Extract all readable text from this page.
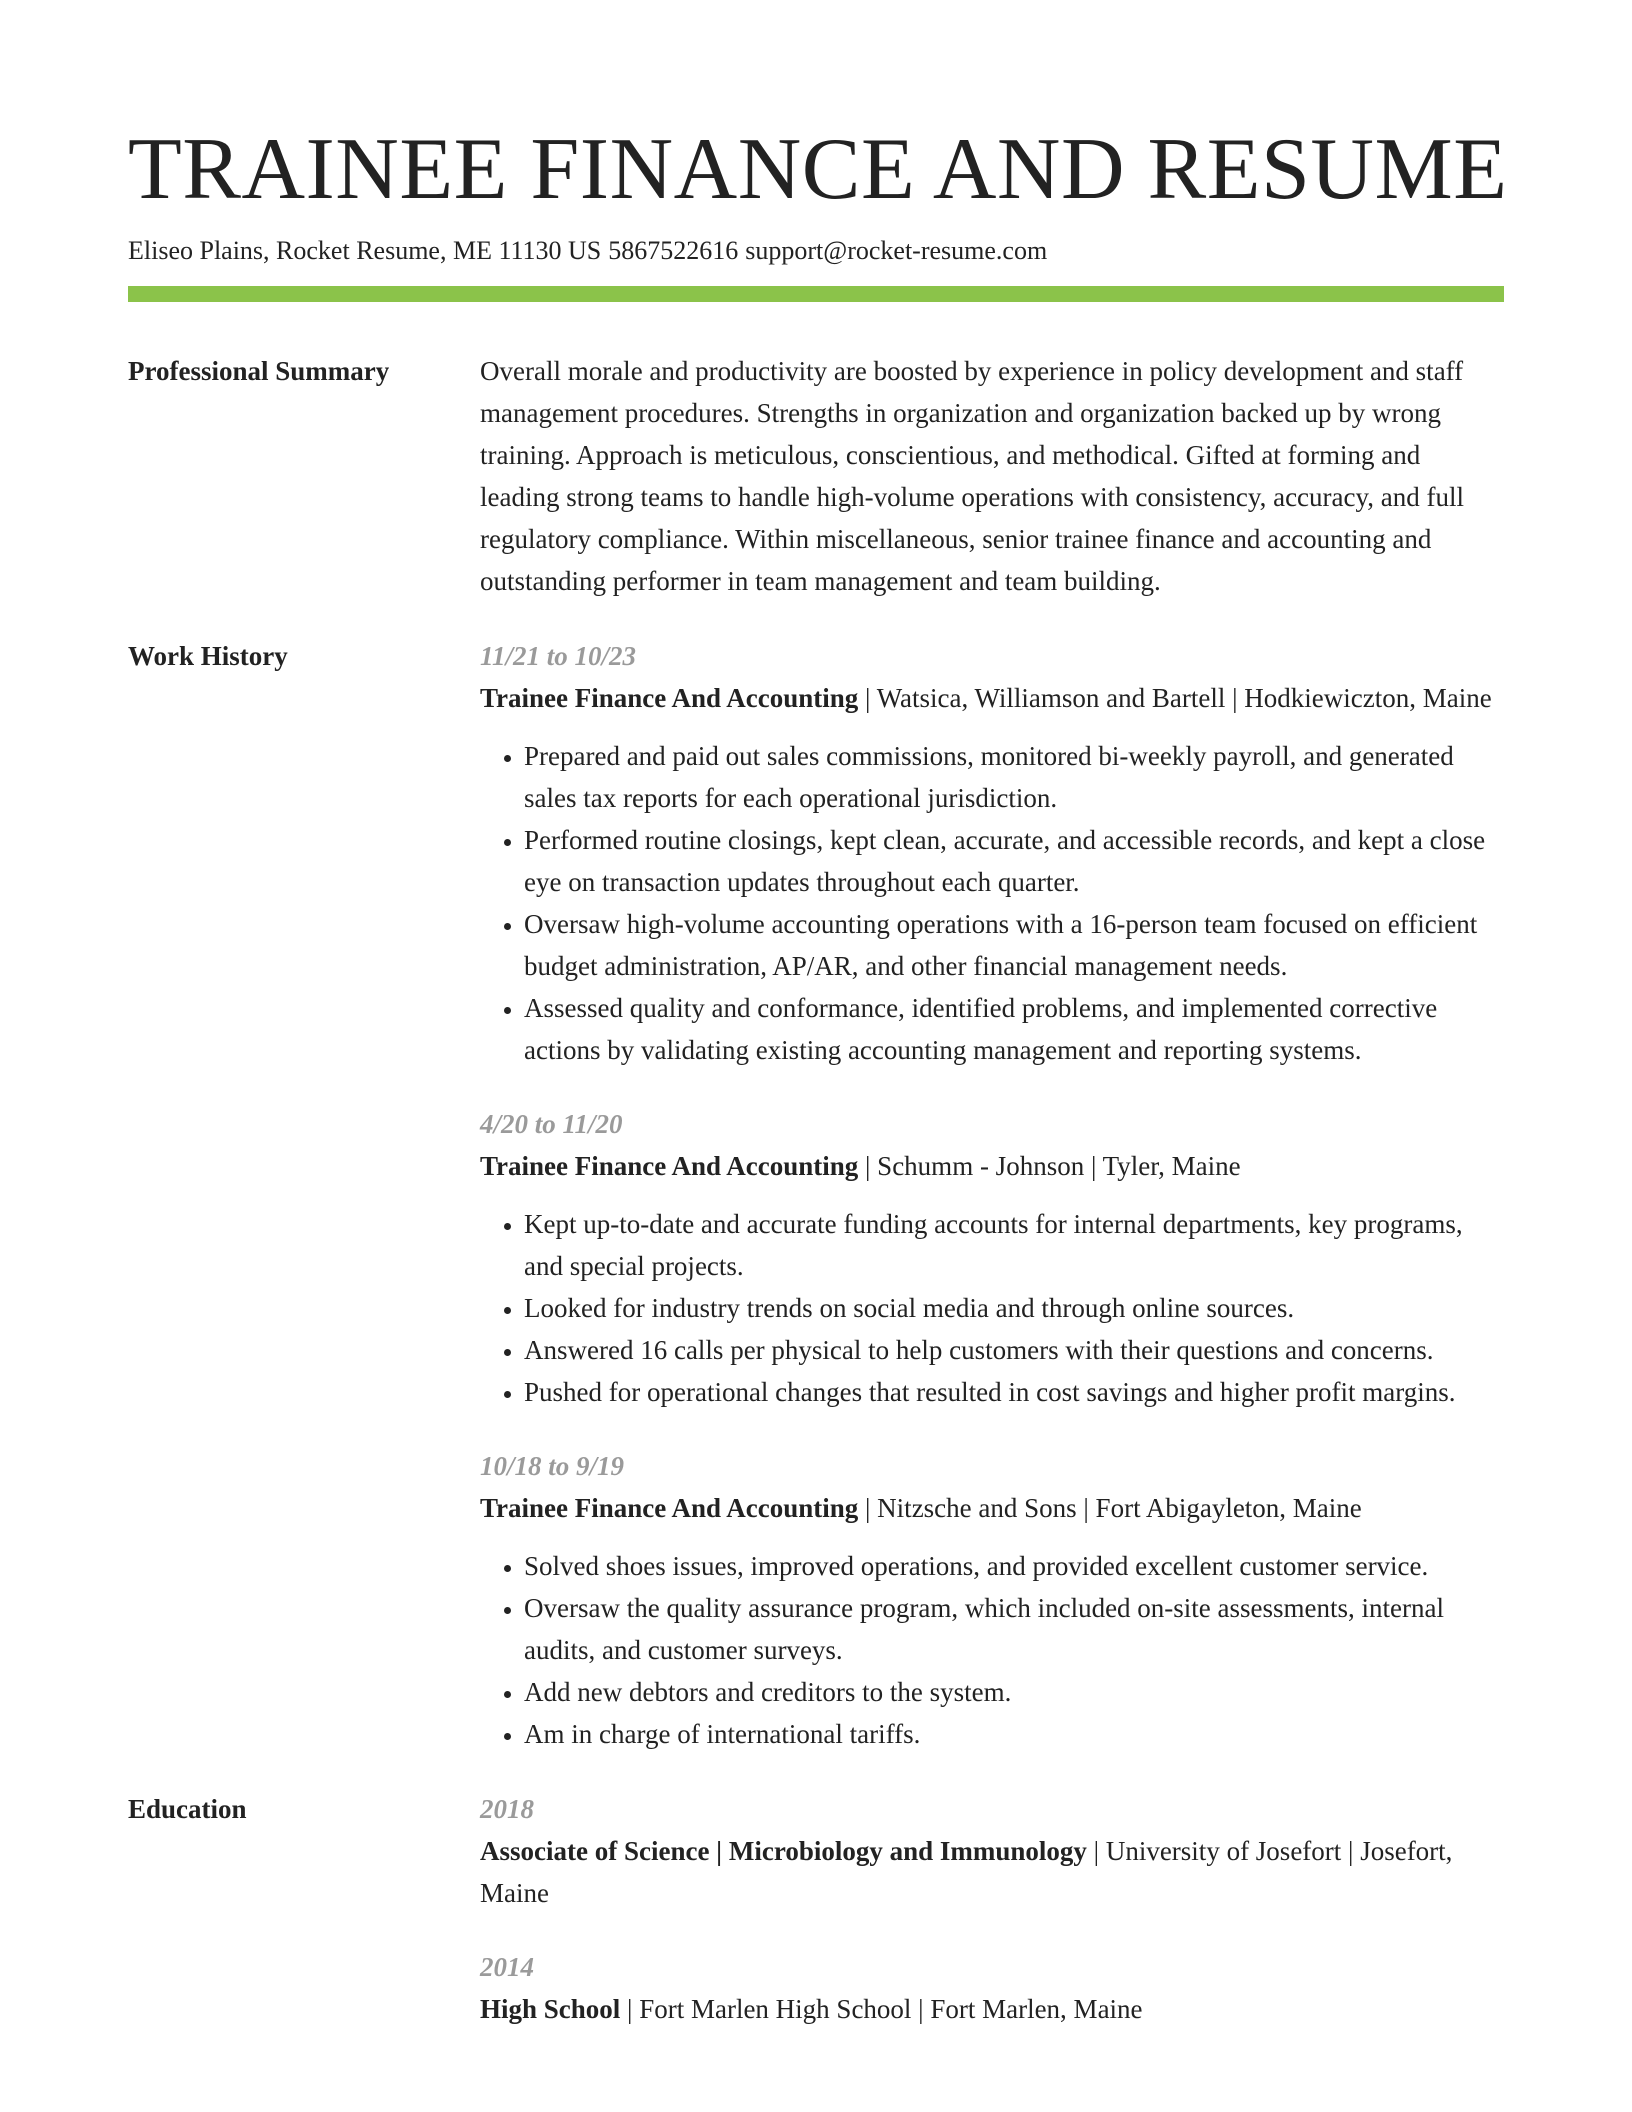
TRAINEE FINANCE AND RESUME
Eliseo Plains, Rocket Resume, ME 11130 US 5867522616 support@rocket-resume.com
Professional Summary	Overall morale and productivity are boosted by experience in policy development and staff management procedures. Strengths in organization and organization backed up by wrong training. Approach is meticulous, conscientious, and methodical. Gifted at forming and leading strong teams to handle high-volume operations with consistency, accuracy, and full regulatory compliance. Within miscellaneous, senior trainee finance and accounting and outstanding performer in team management and team building.

Work History	11/21 to 10/23
Trainee Finance And Accounting | Watsica, Williamson and Bartell | Hodkiewiczton, Maine
• Prepared and paid out sales commissions, monitored bi-weekly payroll, and generated sales tax reports for each operational jurisdiction.
• Performed routine closings, kept clean, accurate, and accessible records, and kept a close eye on transaction updates throughout each quarter.
• Oversaw high-volume accounting operations with a 16-person team focused on efficient budget administration, AP/AR, and other financial management needs.
• Assessed quality and conformance, identified problems, and implemented corrective actions by validating existing accounting management and reporting systems.
4/20 to 11/20
Trainee Finance And Accounting | Schumm - Johnson | Tyler, Maine
• Kept up-to-date and accurate funding accounts for internal departments, key programs, and special projects.
• Looked for industry trends on social media and through online sources.
• Answered 16 calls per physical to help customers with their questions and concerns.
• Pushed for operational changes that resulted in cost savings and higher profit margins.
10/18 to 9/19
Trainee Finance And Accounting | Nitzsche and Sons | Fort Abigayleton, Maine
• Solved shoes issues, improved operations, and provided excellent customer service.
• Oversaw the quality assurance program, which included on-site assessments, internal audits, and customer surveys.
• Add new debtors and creditors to the system.
• Am in charge of international tariffs.
Education	2018
Associate of Science | Microbiology and Immunology | University of Josefort | Josefort, Maine
2014
High School | Fort Marlen High School | Fort Marlen, Maine
